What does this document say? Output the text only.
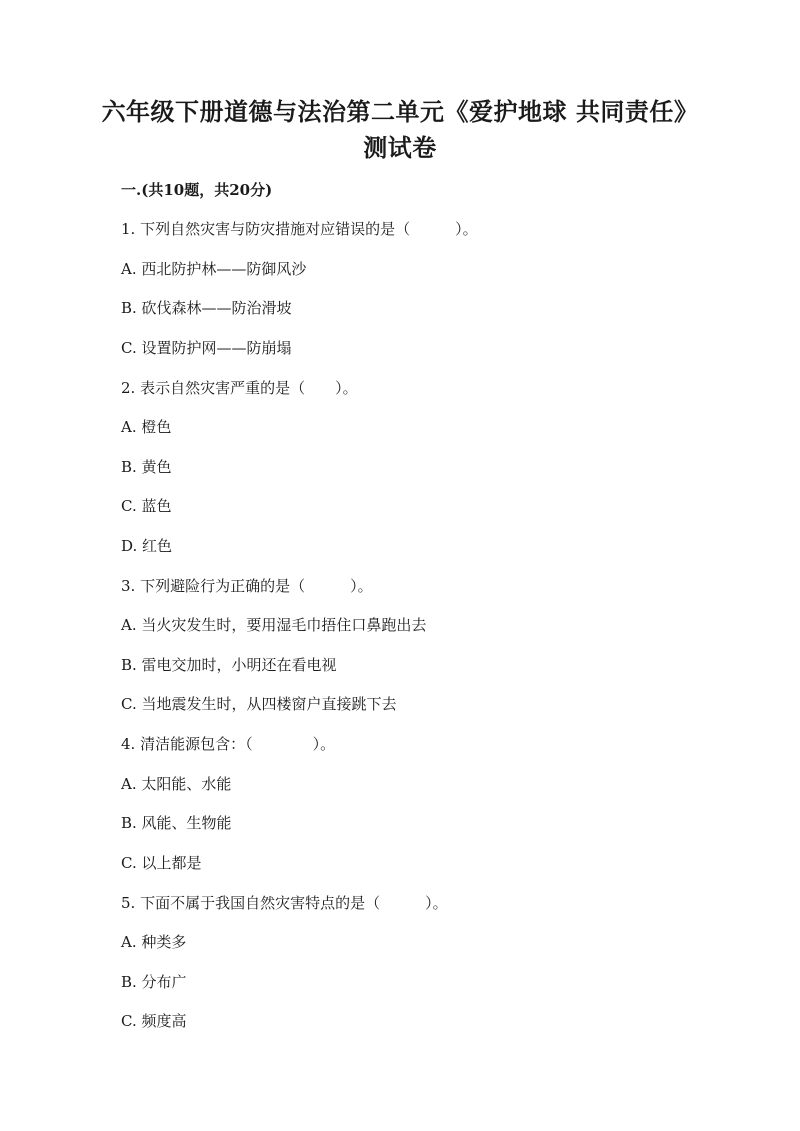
六年级下册道德与法治第二单元《爱护地球 共同责任》测试卷
一.(共10题，共20分)
1. 下列自然灾害与防灾措施对应错误的是（　　　）。
A. 西北防护林——防御风沙
B. 砍伐森林——防治滑坡
C. 设置防护网——防崩塌
2. 表示自然灾害严重的是（　　）。
A. 橙色
B. 黄色
C. 蓝色
D. 红色
3. 下列避险行为正确的是（　　　）。
A. 当火灾发生时，要用湿毛巾捂住口鼻跑出去
B. 雷电交加时，小明还在看电视
C. 当地震发生时，从四楼窗户直接跳下去
4. 清洁能源包含：（　　　　）。
A. 太阳能、水能
B. 风能、生物能
C. 以上都是
5. 下面不属于我国自然灾害特点的是（　　　）。
A. 种类多
B. 分布广
C. 频度高
